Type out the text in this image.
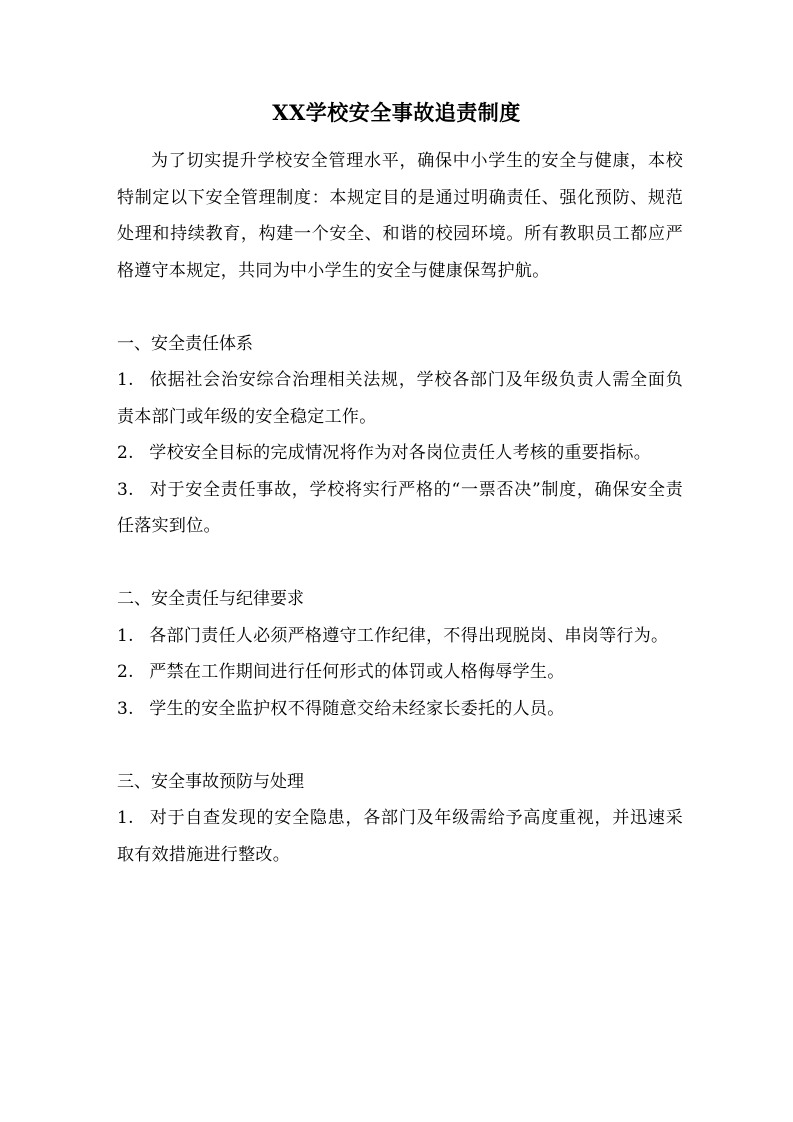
XX学校安全事故追责制度

为了切实提升学校安全管理水平，确保中小学生的安全与健康，本校特制定以下安全管理制度：本规定目的是通过明确责任、强化预防、规范处理和持续教育，构建一个安全、和谐的校园环境。所有教职员工都应严格遵守本规定，共同为中小学生的安全与健康保驾护航。

一、安全责任体系

1. 依据社会治安综合治理相关法规，学校各部门及年级负责人需全面负责本部门或年级的安全稳定工作。

2. 学校安全目标的完成情况将作为对各岗位责任人考核的重要指标。

3. 对于安全责任事故，学校将实行严格的“一票否决”制度，确保安全责任落实到位。

二、安全责任与纪律要求

1. 各部门责任人必须严格遵守工作纪律，不得出现脱岗、串岗等行为。

2. 严禁在工作期间进行任何形式的体罚或人格侮辱学生。

3. 学生的安全监护权不得随意交给未经家长委托的人员。

三、安全事故预防与处理

1. 对于自查发现的安全隐患，各部门及年级需给予高度重视，并迅速采取有效措施进行整改。
